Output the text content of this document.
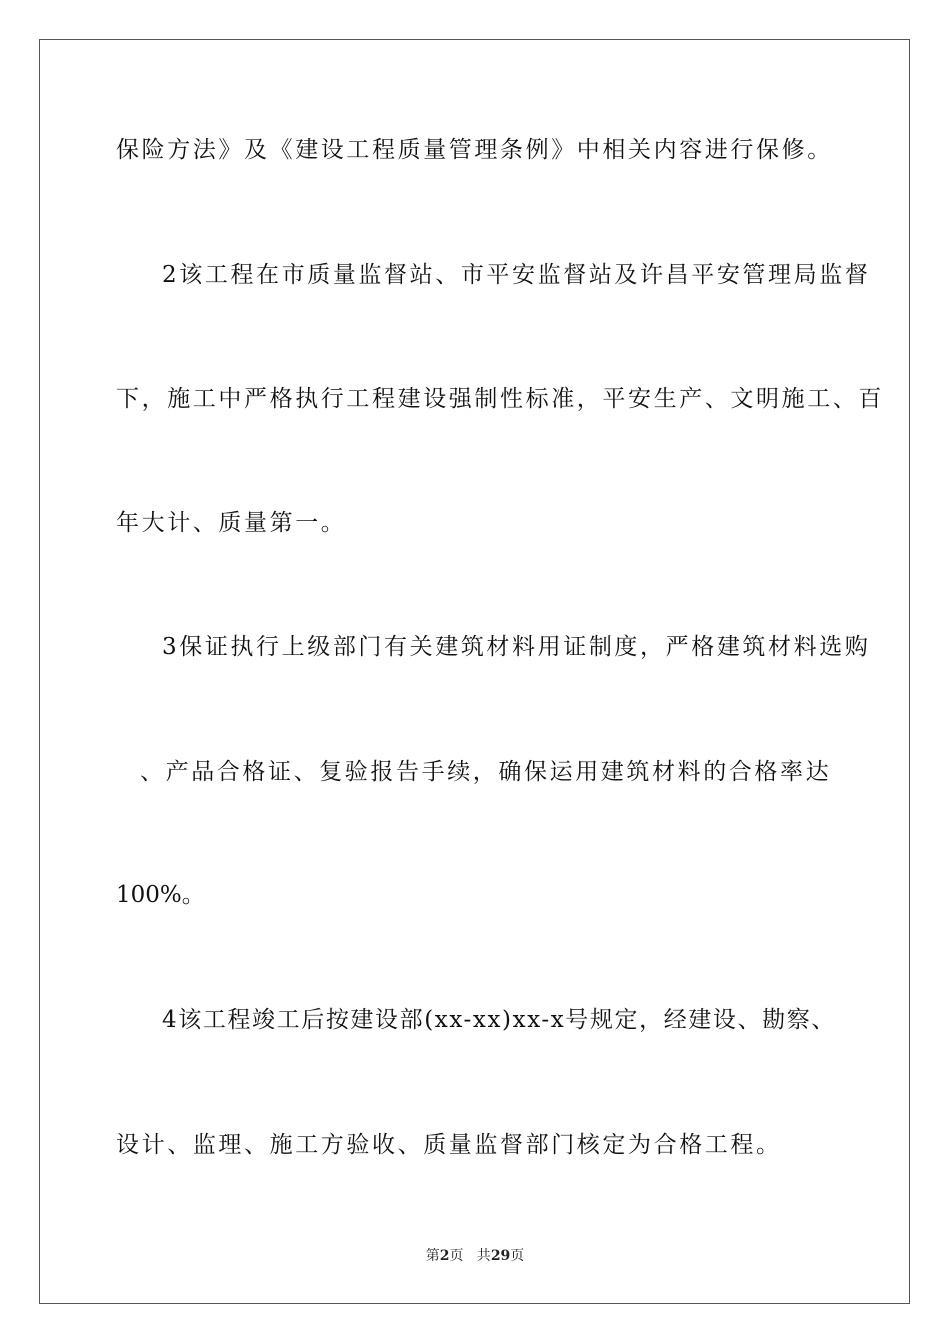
保险方法》及《建设工程质量管理条例》中相关内容进行保修。
2该工程在市质量监督站、市平安监督站及许昌平安管理局监督
下，施工中严格执行工程建设强制性标准，平安生产、文明施工、百
年大计、质量第一。
3保证执行上级部门有关建筑材料用证制度，严格建筑材料选购
、产品合格证、复验报告手续，确保运用建筑材料的合格率达
100%。
4该工程竣工后按建设部(xx-xx)xx-x号规定，经建设、勘察、
设计、监理、施工方验收、质量监督部门核定为合格工程。
第2页   共29页
